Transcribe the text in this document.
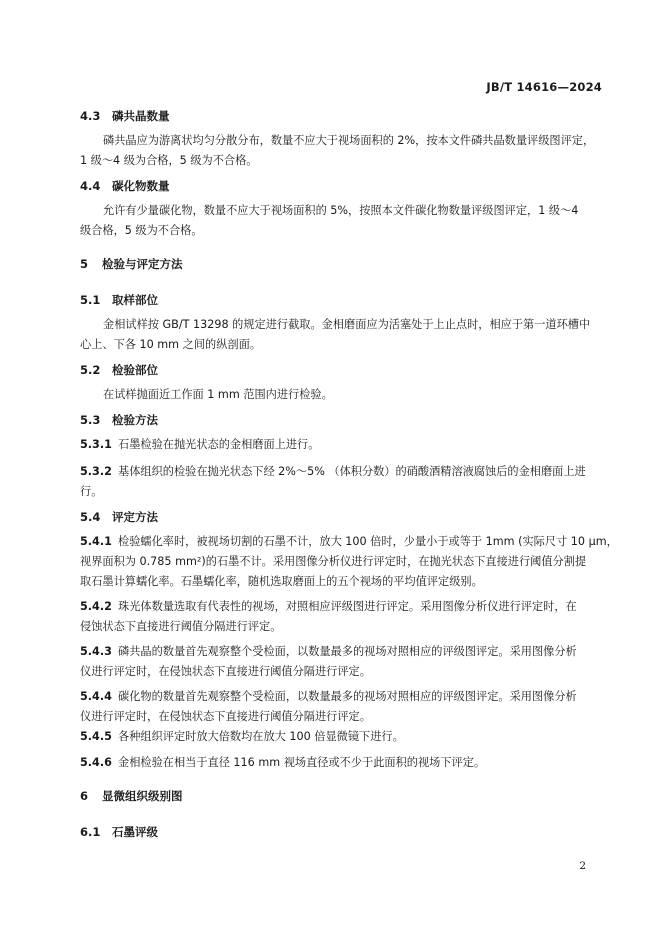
JB/T 14616—2024
4.3 磷共晶数量
磷共晶应为游离状均匀分散分布，数量不应大于视场面积的 2%，按本文件磷共晶数量评级图评定，
1 级～4 级为合格，5 级为不合格。
4.4 碳化物数量
允许有少量碳化物，数量不应大于视场面积的 5%，按照本文件碳化物数量评级图评定，1 级～4
级合格，5 级为不合格。
5 检验与评定方法
5.1 取样部位
金相试样按 GB/T 13298 的规定进行截取。金相磨面应为活塞处于上止点时，相应于第一道环槽中
心上、下各 10 mm 之间的纵剖面。
5.2 检验部位
在试样抛面近工作面 1 mm 范围内进行检验。
5.3 检验方法
5.3.1 石墨检验在抛光状态的金相磨面上进行。
5.3.2 基体组织的检验在抛光状态下经 2%～5% （体积分数）的硝酸酒精溶液腐蚀后的金相磨面上进
行。
5.4 评定方法
5.4.1 检验蠕化率时，被视场切割的石墨不计，放大 100 倍时，少量小于或等于 1mm (实际尺寸 10 μm，
视界面积为 0.785 mm²)的石墨不计。采用图像分析仪进行评定时，在抛光状态下直接进行阈值分割提
取石墨计算蠕化率。石墨蠕化率，随机选取磨面上的五个视场的平均值评定级别。
5.4.2 珠光体数量选取有代表性的视场，对照相应评级图进行评定。采用图像分析仪进行评定时，在
侵蚀状态下直接进行阈值分隔进行评定。
5.4.3 磷共晶的数量首先观察整个受检面，以数量最多的视场对照相应的评级图评定。采用图像分析
仪进行评定时，在侵蚀状态下直接进行阈值分隔进行评定。
5.4.4 碳化物的数量首先观察整个受检面，以数量最多的视场对照相应的评级图评定。采用图像分析
仪进行评定时，在侵蚀状态下直接进行阈值分隔进行评定。
5.4.5 各种组织评定时放大倍数均在放大 100 倍显微镜下进行。
5.4.6 金相检验在相当于直径 116 mm 视场直径或不少于此面积的视场下评定。
6 显微组织级别图
6.1 石墨评级
2
